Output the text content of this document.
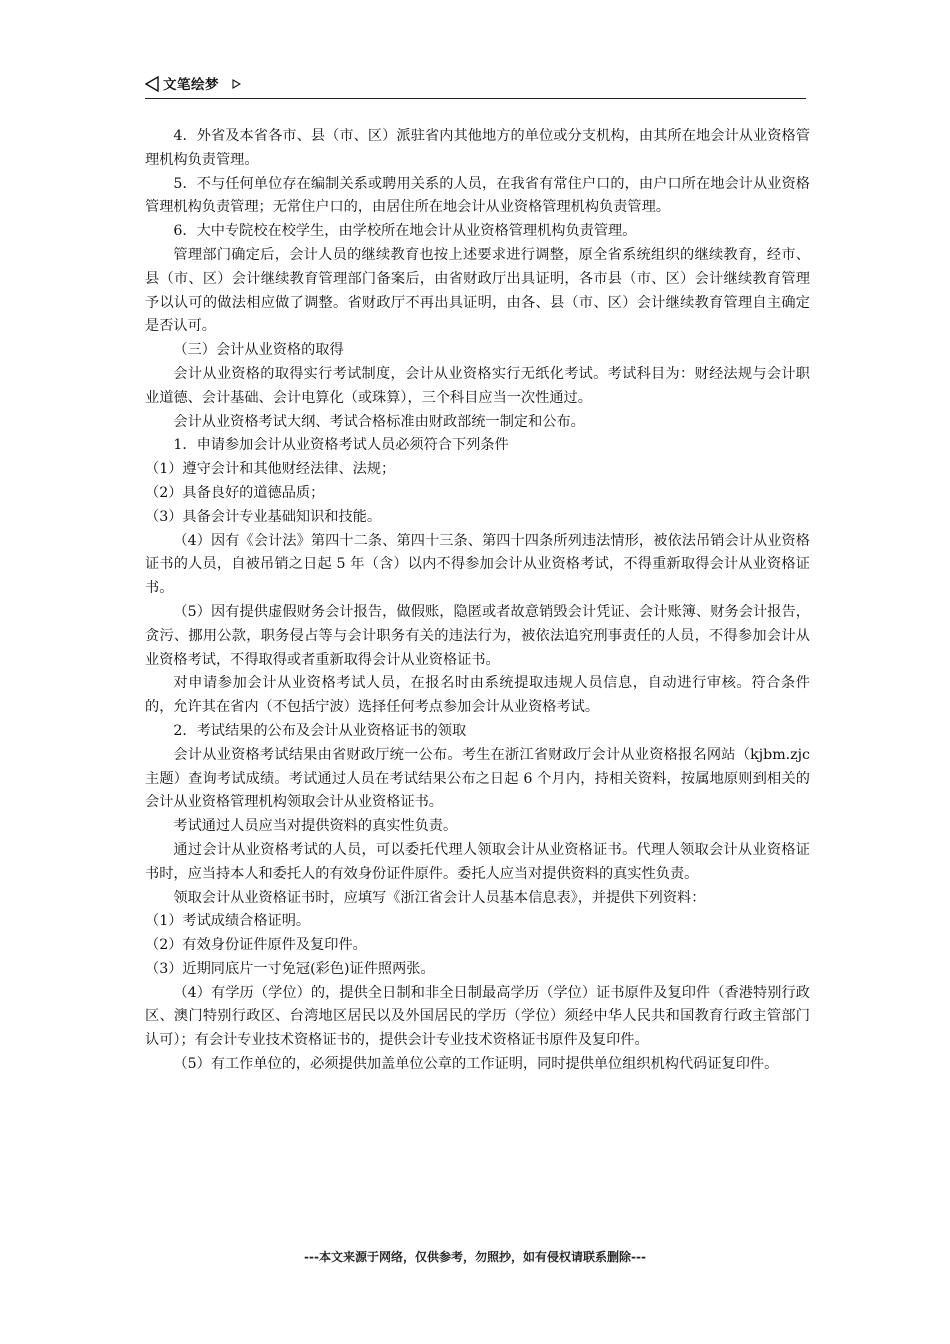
文笔绘梦

4．外省及本省各市、县（市、区）派驻省内其他地方的单位或分支机构，由其所在地会计从业资格管理机构负责管理。

5．不与任何单位存在编制关系或聘用关系的人员，在我省有常住户口的，由户口所在地会计从业资格管理机构负责管理；无常住户口的，由居住所在地会计从业资格管理机构负责管理。

6．大中专院校在校学生，由学校所在地会计从业资格管理机构负责管理。

管理部门确定后，会计人员的继续教育也按上述要求进行调整，原全省系统组织的继续教育，经市、县（市、区）会计继续教育管理部门备案后，由省财政厅出具证明，各市县（市、区）会计继续教育管理予以认可的做法相应做了调整。省财政厅不再出具证明，由各、县（市、区）会计继续教育管理自主确定是否认可。

（三）会计从业资格的取得

会计从业资格的取得实行考试制度，会计从业资格实行无纸化考试。考试科目为：财经法规与会计职业道德、会计基础、会计电算化（或珠算），三个科目应当一次性通过。

会计从业资格考试大纲、考试合格标准由财政部统一制定和公布。

1．申请参加会计从业资格考试人员必须符合下列条件

（1）遵守会计和其他财经法律、法规；

（2）具备良好的道德品质；

（3）具备会计专业基础知识和技能。

（4）因有《会计法》第四十二条、第四十三条、第四十四条所列违法情形，被依法吊销会计从业资格证书的人员，自被吊销之日起 5 年（含）以内不得参加会计从业资格考试，不得重新取得会计从业资格证书。

（5）因有提供虚假财务会计报告，做假账，隐匿或者故意销毁会计凭证、会计账簿、财务会计报告，贪污、挪用公款，职务侵占等与会计职务有关的违法行为，被依法追究刑事责任的人员，不得参加会计从业资格考试，不得取得或者重新取得会计从业资格证书。

对申请参加会计从业资格考试人员，在报名时由系统提取违规人员信息，自动进行审核。符合条件的，允许其在省内（不包括宁波）选择任何考点参加会计从业资格考试。

2．考试结果的公布及会计从业资格证书的领取

会计从业资格考试结果由省财政厅统一公布。考生在浙江省财政厅会计从业资格报名网站（kjbm.zjc 主题）查询考试成绩。考试通过人员在考试结果公布之日起 6 个月内，持相关资料，按属地原则到相关的会计从业资格管理机构领取会计从业资格证书。

考试通过人员应当对提供资料的真实性负责。

通过会计从业资格考试的人员，可以委托代理人领取会计从业资格证书。代理人领取会计从业资格证书时，应当持本人和委托人的有效身份证件原件。委托人应当对提供资料的真实性负责。

领取会计从业资格证书时，应填写《浙江省会计人员基本信息表》，并提供下列资料：

（1）考试成绩合格证明。

（2）有效身份证件原件及复印件。

（3）近期同底片一寸免冠(彩色)证件照两张。

（4）有学历（学位）的，提供全日制和非全日制最高学历（学位）证书原件及复印件（香港特别行政区、澳门特别行政区、台湾地区居民以及外国居民的学历（学位）须经中华人民共和国教育行政主管部门认可）；有会计专业技术资格证书的，提供会计专业技术资格证书原件及复印件。

（5）有工作单位的，必须提供加盖单位公章的工作证明，同时提供单位组织机构代码证复印件。

---本文来源于网络，仅供参考，勿照抄，如有侵权请联系删除---
